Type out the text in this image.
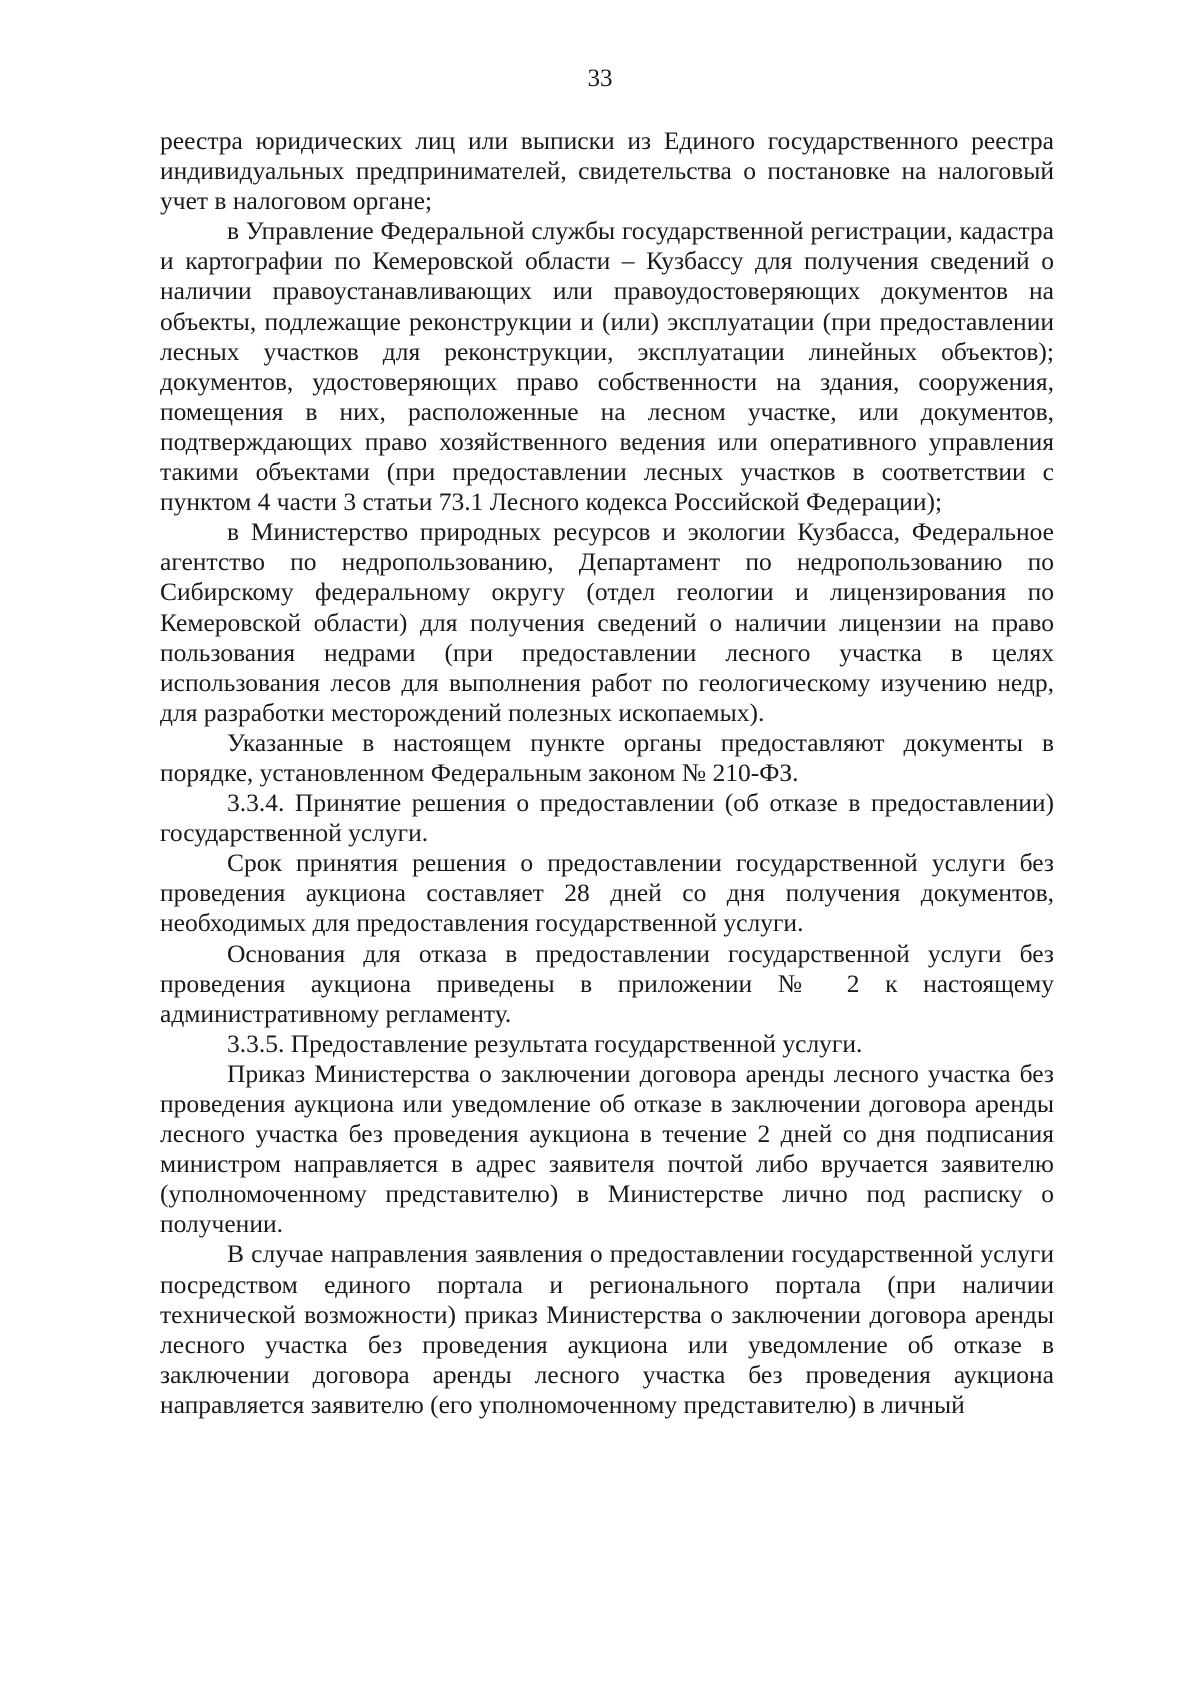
33

реестра юридических лиц или выписки из Единого государственного реестра индивидуальных предпринимателей, свидетельства о постановке на налоговый учет в налоговом органе;

в Управление Федеральной службы государственной регистрации, кадастра и картографии по Кемеровской области – Кузбассу для получения сведений о наличии правоустанавливающих или правоудостоверяющих документов на объекты, подлежащие реконструкции и (или) эксплуатации (при предоставлении лесных участков для реконструкции, эксплуатации линейных объектов); документов, удостоверяющих право собственности на здания, сооружения, помещения в них, расположенные на лесном участке, или документов, подтверждающих право хозяйственного ведения или оперативного управления такими объектами (при предоставлении лесных участков в соответствии с пунктом 4 части 3 статьи 73.1 Лесного кодекса Российской Федерации);

в Министерство природных ресурсов и экологии Кузбасса, Федеральное агентство по недропользованию, Департамент по недропользованию по Сибирскому федеральному округу (отдел геологии и лицензирования по Кемеровской области) для получения сведений о наличии лицензии на право пользования недрами (при предоставлении лесного участка в целях использования лесов для выполнения работ по геологическому изучению недр, для разработки месторождений полезных ископаемых).

Указанные в настоящем пункте органы предоставляют документы в порядке, установленном Федеральным законом № 210-ФЗ.

3.3.4. Принятие решения о предоставлении (об отказе в предоставлении) государственной услуги.

Срок принятия решения о предоставлении государственной услуги без проведения аукциона составляет 28 дней со дня получения документов, необходимых для предоставления государственной услуги.

Основания для отказа в предоставлении государственной услуги без проведения аукциона приведены в приложении № 2 к настоящему административному регламенту.

3.3.5. Предоставление результата государственной услуги.

Приказ Министерства о заключении договора аренды лесного участка без проведения аукциона или уведомление об отказе в заключении договора аренды лесного участка без проведения аукциона в течение 2 дней со дня подписания министром направляется в адрес заявителя почтой либо вручается заявителю (уполномоченному представителю) в Министерстве лично под расписку о получении.

В случае направления заявления о предоставлении государственной услуги посредством единого портала и регионального портала (при наличии технической возможности) приказ Министерства о заключении договора аренды лесного участка без проведения аукциона или уведомление об отказе в заключении договора аренды лесного участка без проведения аукциона направляется заявителю (его уполномоченному представителю) в личный
